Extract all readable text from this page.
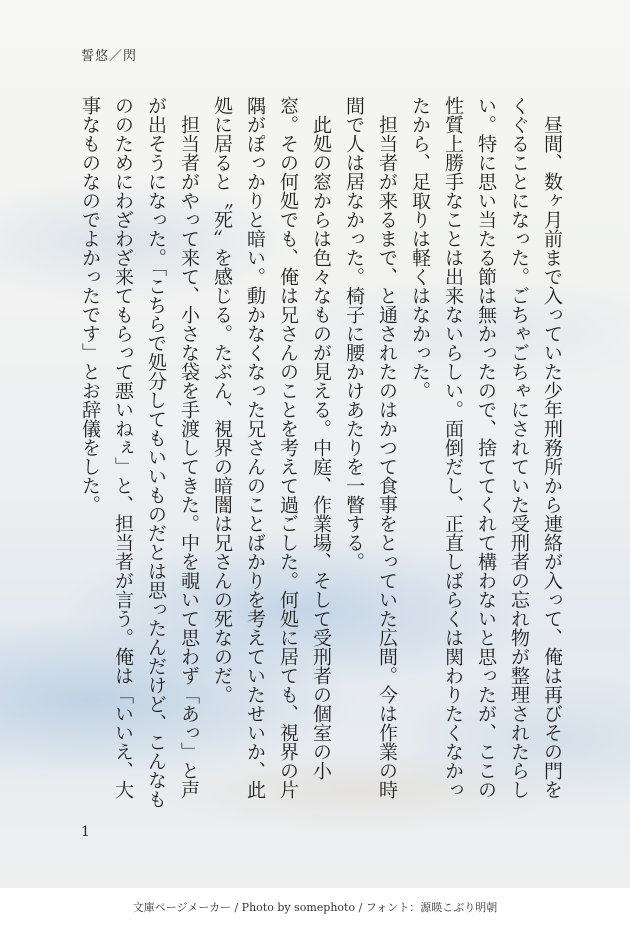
誓悠／閃

昼間、数ヶ月前まで入っていた少年刑務所から連絡が入って、俺は再びその門をくぐることになった。ごちゃごちゃにされていた受刑者の忘れ物が整理されたらしい。特に思い当たる節は無かったので、捨ててくれて構わないと思ったが、ここの性質上勝手なことは出来ないらしい。面倒だし、正直しばらくは関わりたくなかったから、足取りは軽くはなかった。

担当者が来るまで、と通されたのはかつて食事をとっていた広間。今は作業の時間で人は居なかった。椅子に腰かけあたりを一瞥する。

此処の窓からは色々なものが見える。中庭、作業場、そして受刑者の個室の小窓。その何処でも、俺は兄さんのことを考えて過ごした。何処に居ても、視界の片隅がぽっかりと暗い。動かなくなった兄さんのことばかりを考えていたせいか、此処に居ると〝死〟を感じる。たぶん、視界の暗闇は兄さんの死なのだ。

担当者がやって来て、小さな袋を手渡してきた。中を覗いて思わず「あっ」と声が出そうになった。「こちらで処分してもいいものだとは思ったんだけど、こんなもののためにわざわざ来てもらって悪いねぇ」と、担当者が言う。俺は「いいえ、大事なものなのでよかったです」とお辞儀をした。

1
文庫ページメーカー / Photo by somephoto / フォント：源暎こぶり明朝
